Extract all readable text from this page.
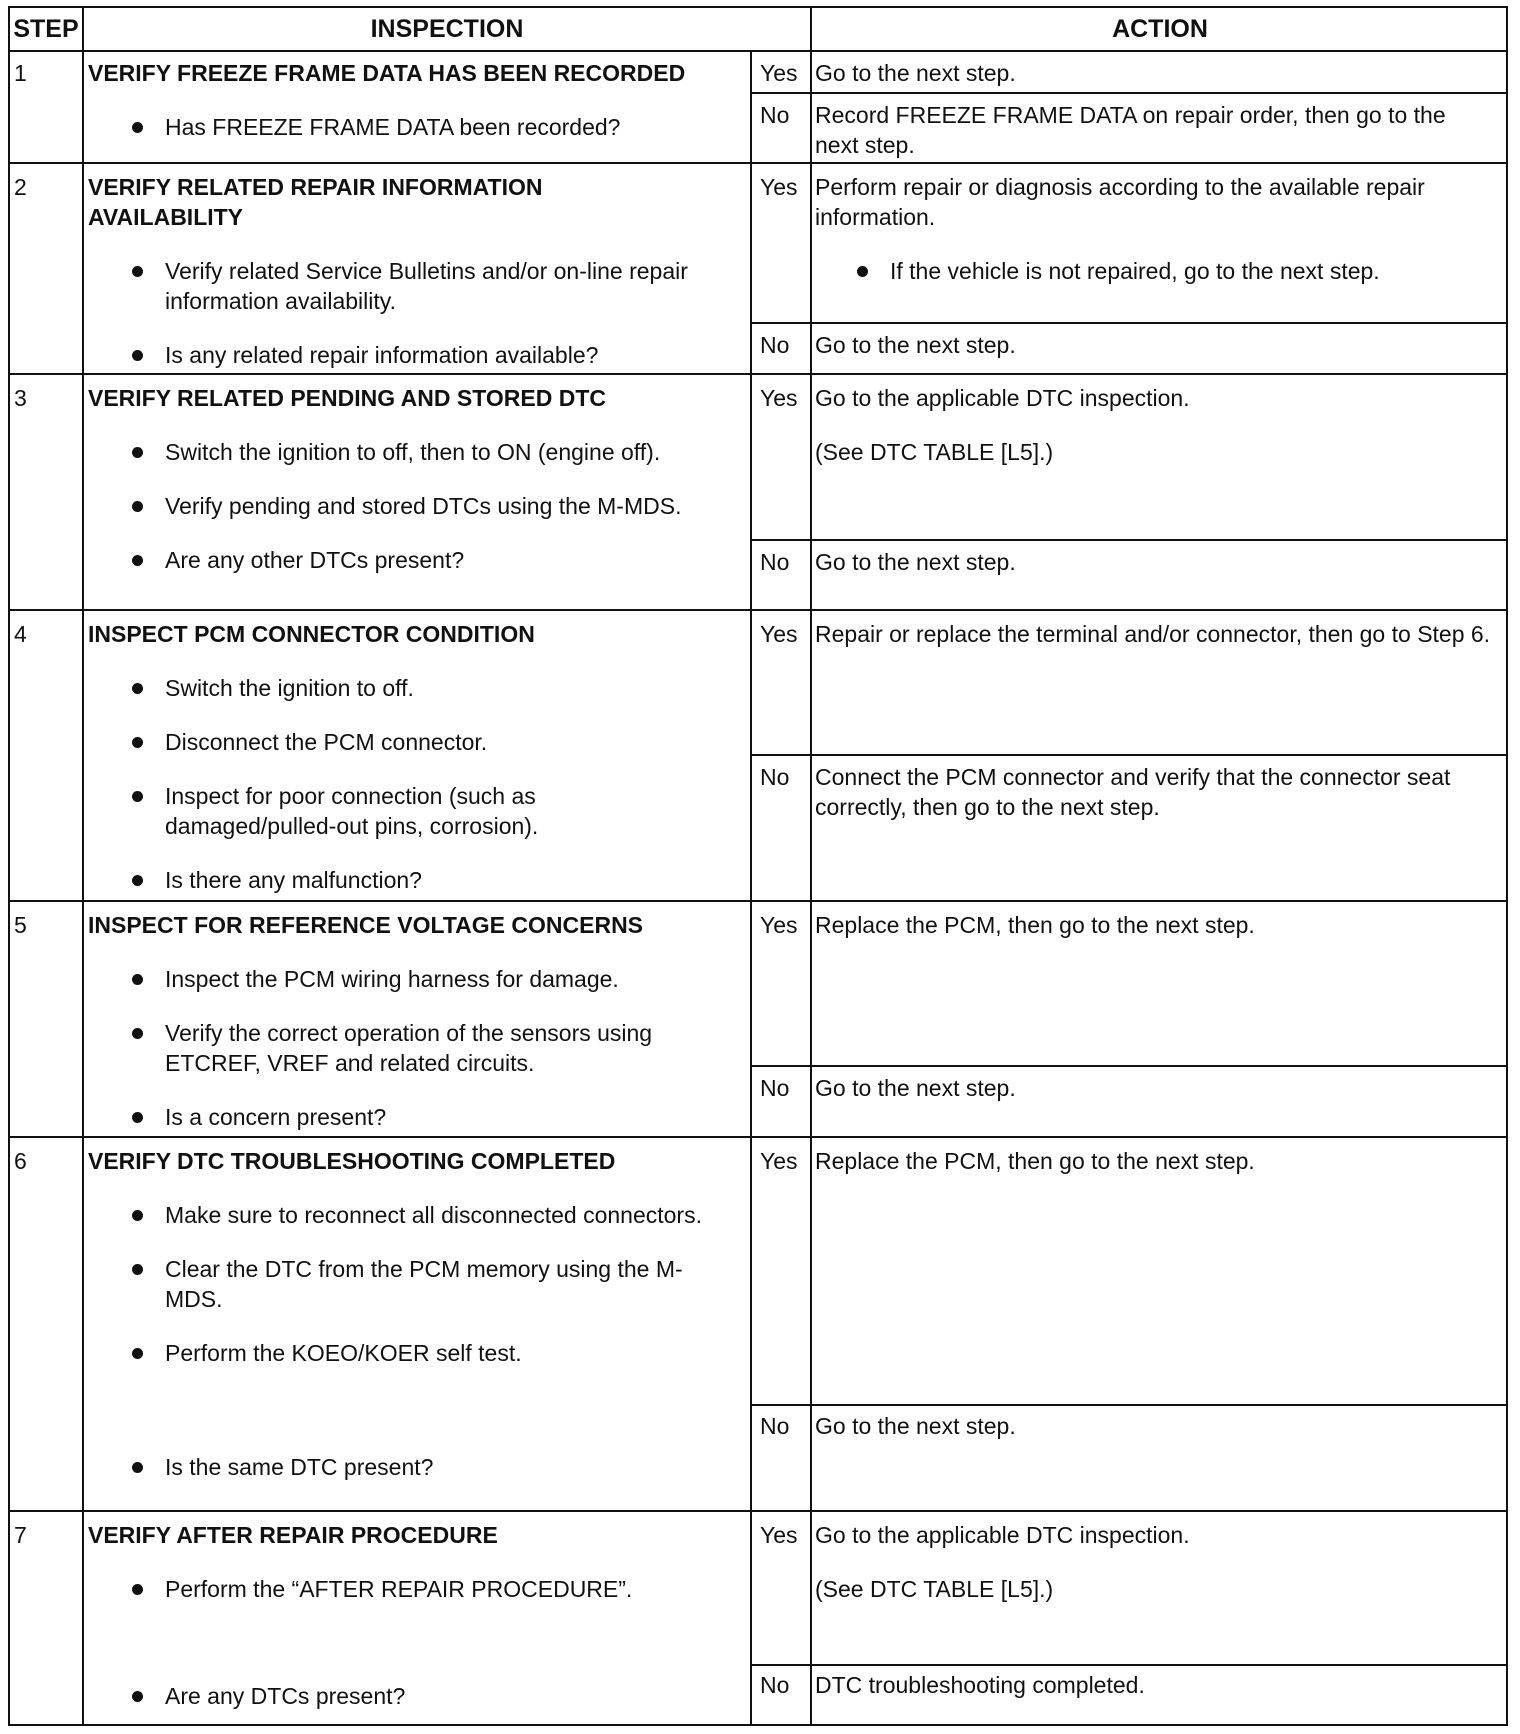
STEP	INSPECTION	ACTION
1	VERIFY FREEZE FRAME DATA HAS BEEN RECORDED
Has FREEZE FRAME DATA been recorded?
Yes Go to the next step.
No Record FREEZE FRAME DATA on repair order, then go to the next step.
2	VERIFY RELATED REPAIR INFORMATION AVAILABILITY
Verify related Service Bulletins and/or on-line repair information availability.
Is any related repair information available?
Yes Perform repair or diagnosis according to the available repair information.
If the vehicle is not repaired, go to the next step.
No Go to the next step.
3	VERIFY RELATED PENDING AND STORED DTC
Switch the ignition to off, then to ON (engine off).
Verify pending and stored DTCs using the M-MDS.
Are any other DTCs present?
Yes Go to the applicable DTC inspection.
(See DTC TABLE [L5].)
No Go to the next step.
4	INSPECT PCM CONNECTOR CONDITION
Switch the ignition to off.
Disconnect the PCM connector.
Inspect for poor connection (such as damaged/pulled-out pins, corrosion).
Is there any malfunction?
Yes Repair or replace the terminal and/or connector, then go to Step 6.
No Connect the PCM connector and verify that the connector seat correctly, then go to the next step.
5	INSPECT FOR REFERENCE VOLTAGE CONCERNS
Inspect the PCM wiring harness for damage.
Verify the correct operation of the sensors using ETCREF, VREF and related circuits.
Is a concern present?
Yes Replace the PCM, then go to the next step.
No Go to the next step.
6	VERIFY DTC TROUBLESHOOTING COMPLETED
Make sure to reconnect all disconnected connectors.
Clear the DTC from the PCM memory using the M-MDS.
Perform the KOEO/KOER self test.
Is the same DTC present?
Yes Replace the PCM, then go to the next step.
No Go to the next step.
7	VERIFY AFTER REPAIR PROCEDURE
Perform the “AFTER REPAIR PROCEDURE”.
Are any DTCs present?
Yes Go to the applicable DTC inspection.
(See DTC TABLE [L5].)
No DTC troubleshooting completed.
